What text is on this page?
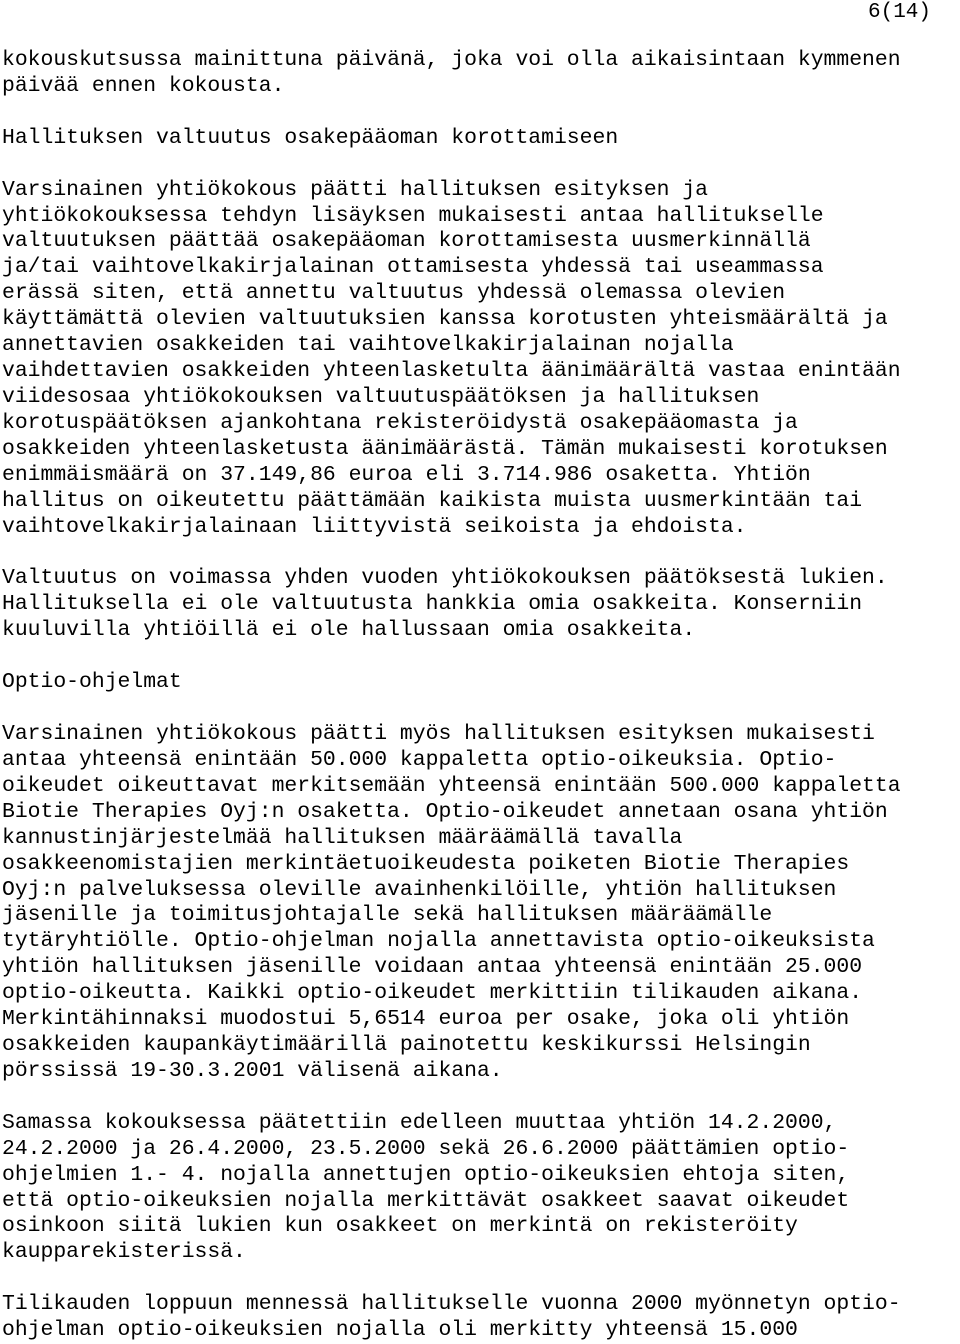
6(14)
kokouskutsussa mainittuna päivänä, joka voi olla aikaisintaan kymmenen
päivää ennen kokousta.
Hallituksen valtuutus osakepääoman korottamiseen
Varsinainen yhtiökokous päätti hallituksen esityksen ja
yhtiökokouksessa tehdyn lisäyksen mukaisesti antaa hallitukselle
valtuutuksen päättää osakepääoman korottamisesta uusmerkinnällä
ja/tai vaihtovelkakirjalainan ottamisesta yhdessä tai useammassa
erässä siten, että annettu valtuutus yhdessä olemassa olevien
käyttämättä olevien valtuutuksien kanssa korotusten yhteismäärältä ja
annettavien osakkeiden tai vaihtovelkakirjalainan nojalla
vaihdettavien osakkeiden yhteenlasketulta äänimäärältä vastaa enintään
viidesosaa yhtiökokouksen valtuutuspäätöksen ja hallituksen
korotuspäätöksen ajankohtana rekisteröidystä osakepääomasta ja
osakkeiden yhteenlasketusta äänimäärästä. Tämän mukaisesti korotuksen
enimmäismäärä on 37.149,86 euroa eli 3.714.986 osaketta. Yhtiön
hallitus on oikeutettu päättämään kaikista muista uusmerkintään tai
vaihtovelkakirjalainaan liittyvistä seikoista ja ehdoista.
Valtuutus on voimassa yhden vuoden yhtiökokouksen päätöksestä lukien.
Hallituksella ei ole valtuutusta hankkia omia osakkeita. Konserniin
kuuluvilla yhtiöillä ei ole hallussaan omia osakkeita.
Optio-ohjelmat
Varsinainen yhtiökokous päätti myös hallituksen esityksen mukaisesti
antaa yhteensä enintään 50.000 kappaletta optio-oikeuksia. Optio-
oikeudet oikeuttavat merkitsemään yhteensä enintään 500.000 kappaletta
Biotie Therapies Oyj:n osaketta. Optio-oikeudet annetaan osana yhtiön
kannustinjärjestelmää hallituksen määräämällä tavalla
osakkeenomistajien merkintäetuoikeudesta poiketen Biotie Therapies
Oyj:n palveluksessa oleville avainhenkilöille, yhtiön hallituksen
jäsenille ja toimitusjohtajalle sekä hallituksen määräämälle
tytäryhtiölle. Optio-ohjelman nojalla annettavista optio-oikeuksista
yhtiön hallituksen jäsenille voidaan antaa yhteensä enintään 25.000
optio-oikeutta. Kaikki optio-oikeudet merkittiin tilikauden aikana.
Merkintähinnaksi muodostui 5,6514 euroa per osake, joka oli yhtiön
osakkeiden kaupankäytimäärillä painotettu keskikurssi Helsingin
pörssissä 19-30.3.2001 välisenä aikana.
Samassa kokouksessa päätettiin edelleen muuttaa yhtiön 14.2.2000,
24.2.2000 ja 26.4.2000, 23.5.2000 sekä 26.6.2000 päättämien optio-
ohjelmien 1.- 4. nojalla annettujen optio-oikeuksien ehtoja siten,
että optio-oikeuksien nojalla merkittävät osakkeet saavat oikeudet
osinkoon siitä lukien kun osakkeet on merkintä on rekisteröity
kaupparekisterissä.
Tilikauden loppuun mennessä hallitukselle vuonna 2000 myönnetyn optio-
ohjelman optio-oikeuksien nojalla oli merkitty yhteensä 15.000
